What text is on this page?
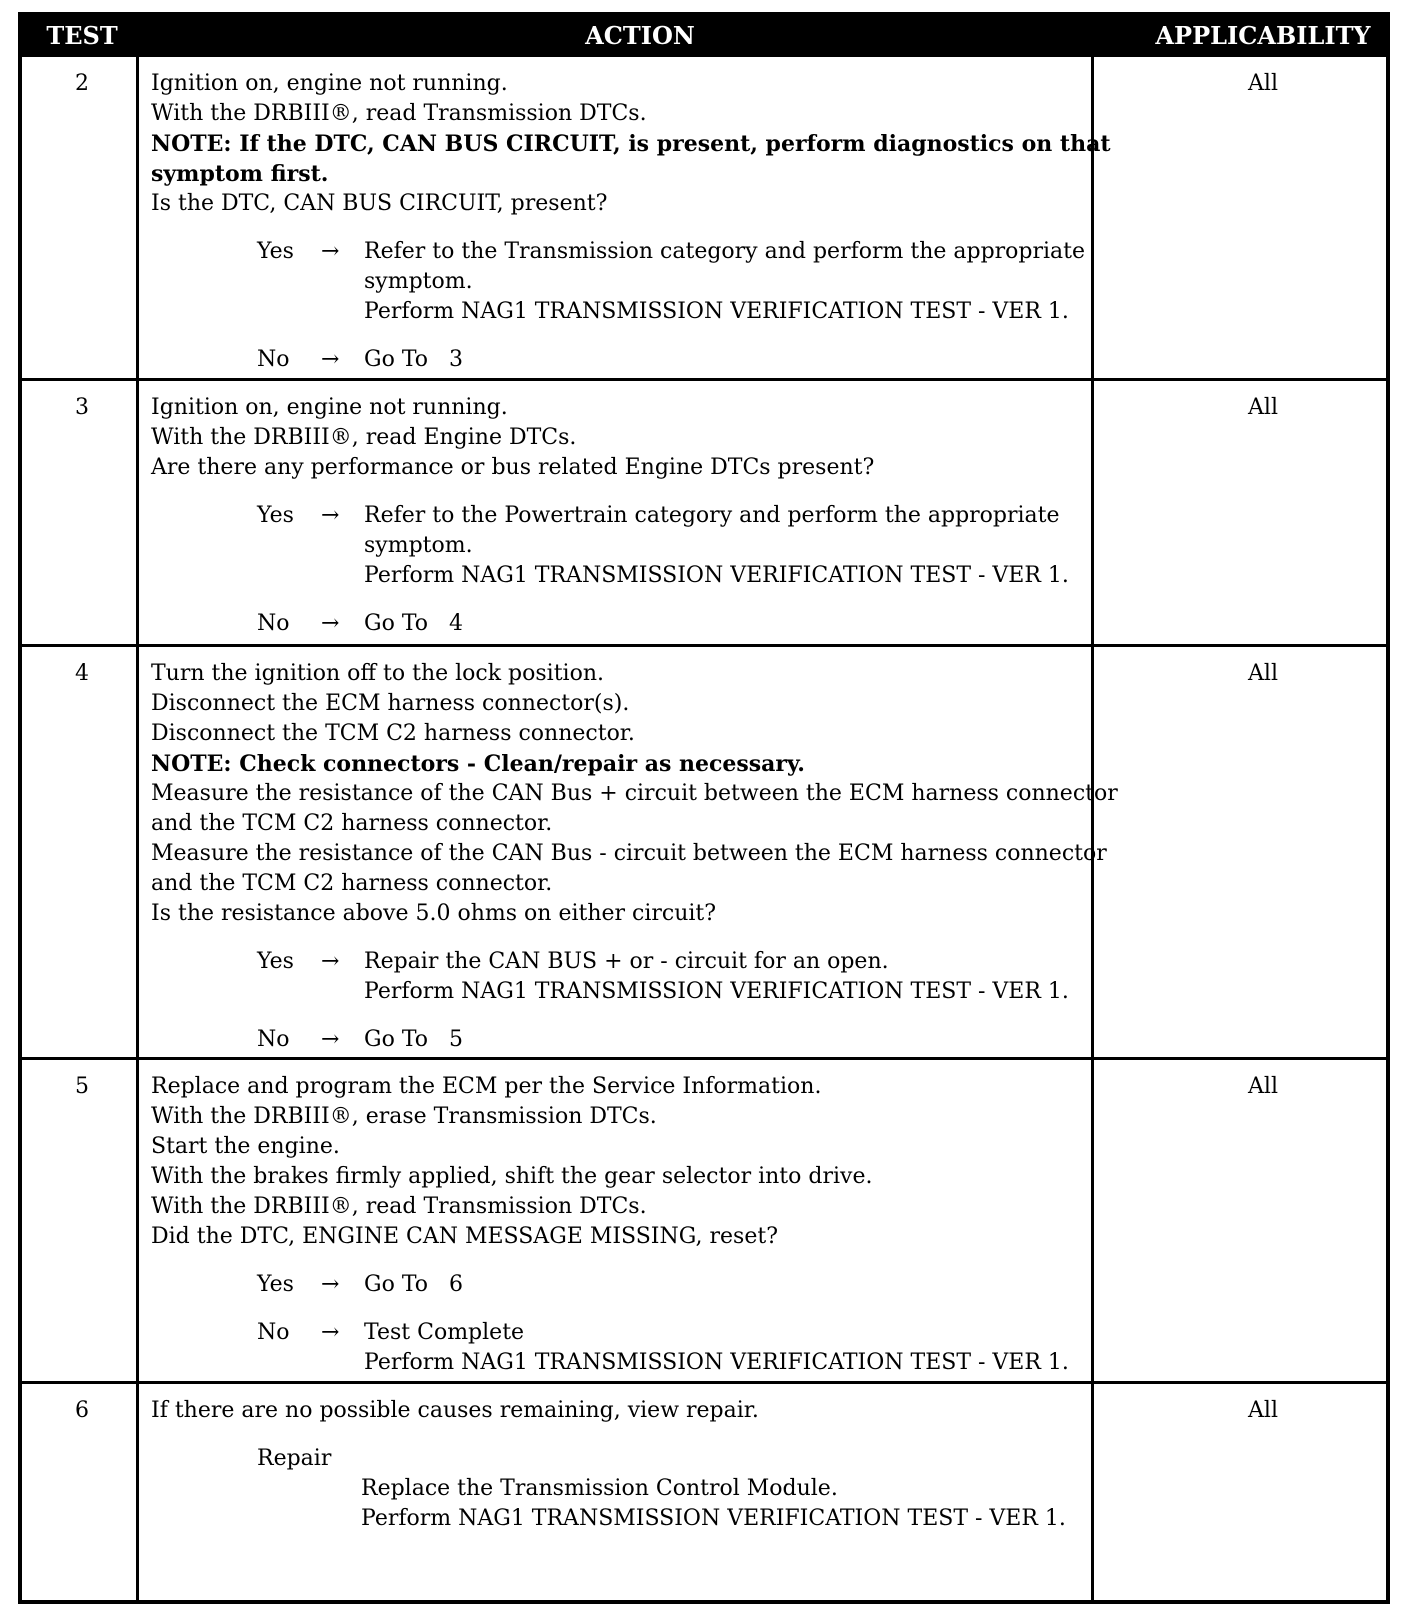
TEST	ACTION	APPLICABILITY
2	Ignition on, engine not running.
With the DRBIII®, read Transmission DTCs.
NOTE: If the DTC, CAN BUS CIRCUIT, is present, perform diagnostics on that symptom first.
Is the DTC, CAN BUS CIRCUIT, present?
Yes	→	Refer to the Transmission category and perform the appropriate
symptom.
Perform NAG1 TRANSMISSION VERIFICATION TEST - VER 1.
No	→	Go To   3
All
3	Ignition on, engine not running.
With the DRBIII®, read Engine DTCs.
Are there any performance or bus related Engine DTCs present?
Yes	→	Refer to the Powertrain category and perform the appropriate
symptom.
Perform NAG1 TRANSMISSION VERIFICATION TEST - VER 1.
No	→	Go To   4
All
4	Turn the ignition off to the lock position.
Disconnect the ECM harness connector(s).
Disconnect the TCM C2 harness connector.
NOTE: Check connectors - Clean/repair as necessary.
Measure the resistance of the CAN Bus + circuit between the ECM harness connector
and the TCM C2 harness connector.
Measure the resistance of the CAN Bus - circuit between the ECM harness connector
and the TCM C2 harness connector.
Is the resistance above 5.0 ohms on either circuit?
Yes	→	Repair the CAN BUS + or - circuit for an open.
Perform NAG1 TRANSMISSION VERIFICATION TEST - VER 1.
No	→	Go To   5
All
5	Replace and program the ECM per the Service Information.
With the DRBIII®, erase Transmission DTCs.
Start the engine.
With the brakes firmly applied, shift the gear selector into drive.
With the DRBIII®, read Transmission DTCs.
Did the DTC, ENGINE CAN MESSAGE MISSING, reset?
Yes	→	Go To   6
No	→	Test Complete
Perform NAG1 TRANSMISSION VERIFICATION TEST - VER 1.
All
6	If there are no possible causes remaining, view repair.
Repair
Replace the Transmission Control Module.
Perform NAG1 TRANSMISSION VERIFICATION TEST - VER 1.
All
